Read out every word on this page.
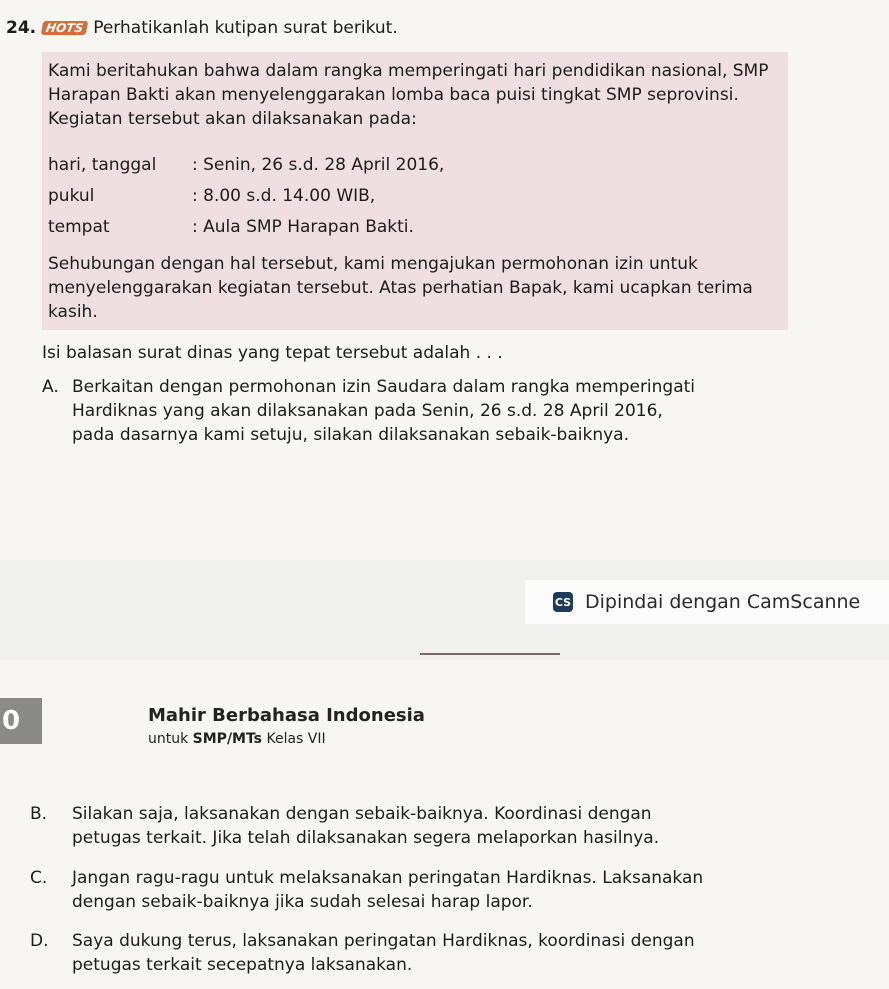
24. HOTS Perhatikanlah kutipan surat berikut.

Kami beritahukan bahwa dalam rangka memperingati hari pendidikan nasional, SMP Harapan Bakti akan menyelenggarakan lomba baca puisi tingkat SMP seprovinsi. Kegiatan tersebut akan dilaksanakan pada:

hari, tanggal	: Senin, 26 s.d. 28 April 2016,
pukul	: 8.00 s.d. 14.00 WIB,
tempat	: Aula SMP Harapan Bakti.

Sehubungan dengan hal tersebut, kami mengajukan permohonan izin untuk menyelenggarakan kegiatan tersebut. Atas perhatian Bapak, kami ucapkan terima kasih.

Isi balasan surat dinas yang tepat tersebut adalah . . .
A. Berkaitan dengan permohonan izin Saudara dalam rangka memperingati
Hardiknas yang akan dilaksanakan pada Senin, 26 s.d. 28 April 2016,
pada dasarnya kami setuju, silakan dilaksanakan sebaik-baiknya.
CS Dipindai dengan CamScanne
0	Mahir Berbahasa Indonesia
untuk SMP/MTs Kelas VII
B. Silakan saja, laksanakan dengan sebaik-baiknya. Koordinasi dengan
petugas terkait. Jika telah dilaksanakan segera melaporkan hasilnya.
C. Jangan ragu-ragu untuk melaksanakan peringatan Hardiknas. Laksanakan
dengan sebaik-baiknya jika sudah selesai harap lapor.
D. Saya dukung terus, laksanakan peringatan Hardiknas, koordinasi dengan
petugas terkait secepatnya laksanakan.
